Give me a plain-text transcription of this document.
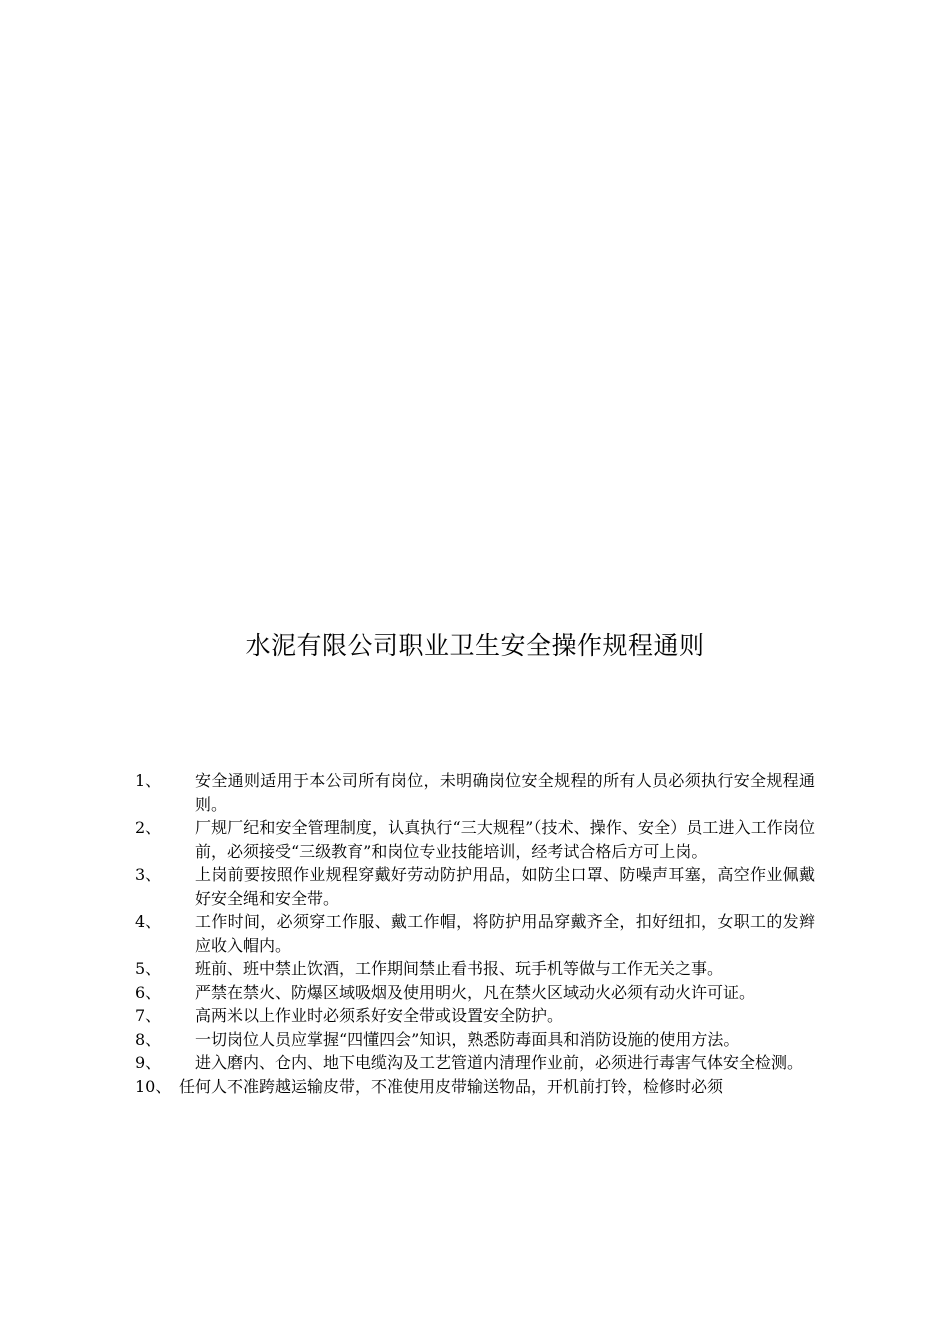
水泥有限公司职业卫生安全操作规程通则
1、 安全通则适用于本公司所有岗位，未明确岗位安全规程的所有人员必须执行安全规程通则。
2、 厂规厂纪和安全管理制度，认真执行“三大规程”（技术、操作、安全）员工进入工作岗位前，必须接受“三级教育”和岗位专业技能培训，经考试合格后方可上岗。
3、 上岗前要按照作业规程穿戴好劳动防护用品，如防尘口罩、防噪声耳塞，高空作业佩戴好安全绳和安全带。
4、 工作时间，必须穿工作服、戴工作帽，将防护用品穿戴齐全，扣好纽扣，女职工的发辫应收入帽内。
5、 班前、班中禁止饮酒，工作期间禁止看书报、玩手机等做与工作无关之事。
6、 严禁在禁火、防爆区域吸烟及使用明火，凡在禁火区域动火必须有动火许可证。
7、 高两米以上作业时必须系好安全带或设置安全防护。
8、 一切岗位人员应掌握“四懂四会”知识，熟悉防毒面具和消防设施的使用方法。
9、 进入磨内、仓内、地下电缆沟及工艺管道内清理作业前，必须进行毒害气体安全检测。
10、 任何人不准跨越运输皮带，不准使用皮带输送物品，开机前打铃，检修时必须
